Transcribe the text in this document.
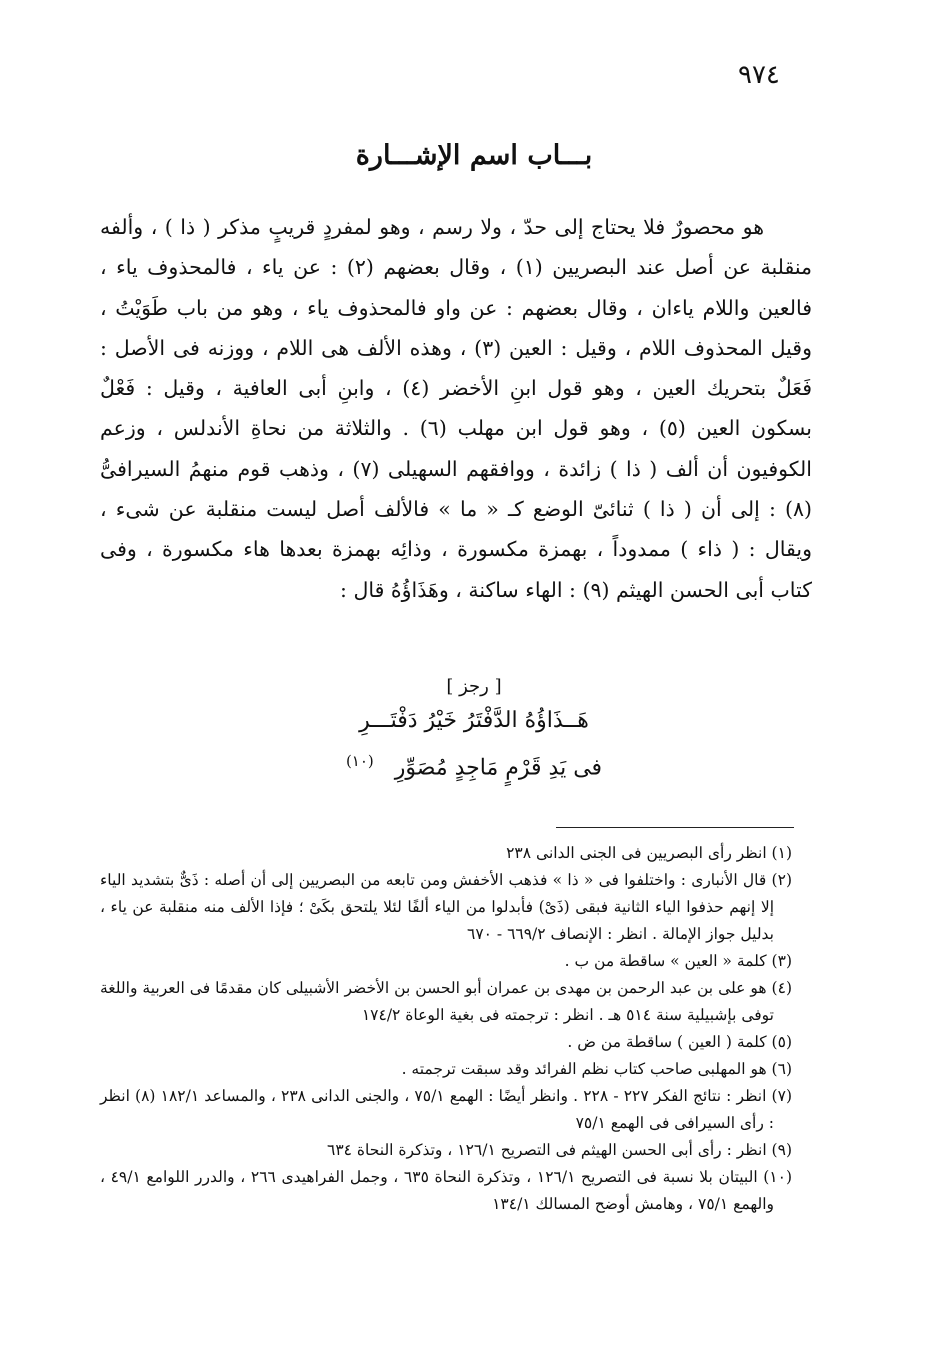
٩٧٤
بـــاب اسم الإشـــارة

هو محصورٌ فلا يحتاج إلى حدّ ، ولا رسم ، وهو لمفردٍ قريبٍ مذكر ( ذا ) ، وألفه منقلبة عن أصل عند البصريين (١) ، وقال بعضهم (٢) : عن ياء ، فالمحذوف ياء ، فالعين واللام ياءان ، وقال بعضهم : عن واو فالمحذوف ياء ، وهو من باب طَوَيْتُ ، وقيل المحذوف اللام ، وقيل : العين (٣) ، وهذه الألف هى اللام ، ووزنه فى الأصل : فَعَلٌ بتحريك العين ، وهو قول ابنِ الأخضر (٤) ، وابنِ أبى العافية ، وقيل : فَعْلٌ بسكون العين (٥) ، وهو قول ابن مهلب (٦) . والثلاثة من نحاةِ الأندلس ، وزعم الكوفيون أن ألف ( ذا ) زائدة ، ووافقهم السهيلى (٧) ، وذهب قوم منهمُ السيرافىُّ (٨) : إلى أن ( ذا ) ثنائىّ الوضع كـ « ما » فالألف أصل ليست منقلبة عن شىء ، ويقال : ( ذاء ) ممدوداً ، بهمزة مكسورة ، وذائِه بهمزة بعدها هاء مكسورة ، وفى كتاب أبى الحسن الهيثم (٩) : الهاء ساكنة ، وهَذَاؤُهُ قال :

[ رجز ]
هَــذَاؤُهُ الدَّفْتَرُ خَيْرُ دَفْتَـــرِ
فى يَدِ قَرْمٍ مَاجِدٍ مُصَوِّرِ $^{(١٠)}$

(١) انظر رأى البصريين فى الجنى الدانى ٢٣٨

(٢) قال الأنبارى : واختلفوا فى « ذا » فذهب الأخفش ومن تابعه من البصريين إلى أن أصله : ذَىٌّ بتشديد الياء إلا إنهم حذفوا الياء الثانية فبقى (ذَىْ) فأبدلوا من الياء ألفًا لئلا يلتحق بكَىْ ؛ فإذا الألف منه منقلبة عن ياء ، بدليل جواز الإمالة . انظر : الإنصاف ٦٦٩/٢ - ٦٧٠

(٣) كلمة « العين » ساقطة من ب .

(٤) هو على بن عبد الرحمن بن مهدى بن عمران أبو الحسن بن الأخضر الأشبيلى كان مقدمًا فى العربية واللغة توفى بإشبيلية سنة ٥١٤ هـ . انظر : ترجمته فى بغية الوعاة ١٧٤/٢

(٥) كلمة ( العين ) ساقطة من ض .

(٦) هو المهلبى صاحب كتاب نظم الفرائد وقد سبقت ترجمته .

(٧) انظر : نتائج الفكر ٢٢٧ - ٢٢٨ . وانظر أيضًا : الهمع ٧٥/١ ، والجنى الدانى ٢٣٨ ، والمساعد ١٨٢/١ (٨) انظر : رأى السيرافى فى الهمع ٧٥/١

(٩) انظر : رأى أبى الحسن الهيثم فى التصريح ١٢٦/١ ، وتذكرة النحاة ٦٣٤

(١٠) البيتان بلا نسبة فى التصريح ١٢٦/١ ، وتذكرة النحاة ٦٣٥ ، وجمل الفراهيدى ٢٦٦ ، والدرر اللوامع ٤٩/١ ، والهمع ٧٥/١ ، وهامش أوضح المسالك ١٣٤/١
